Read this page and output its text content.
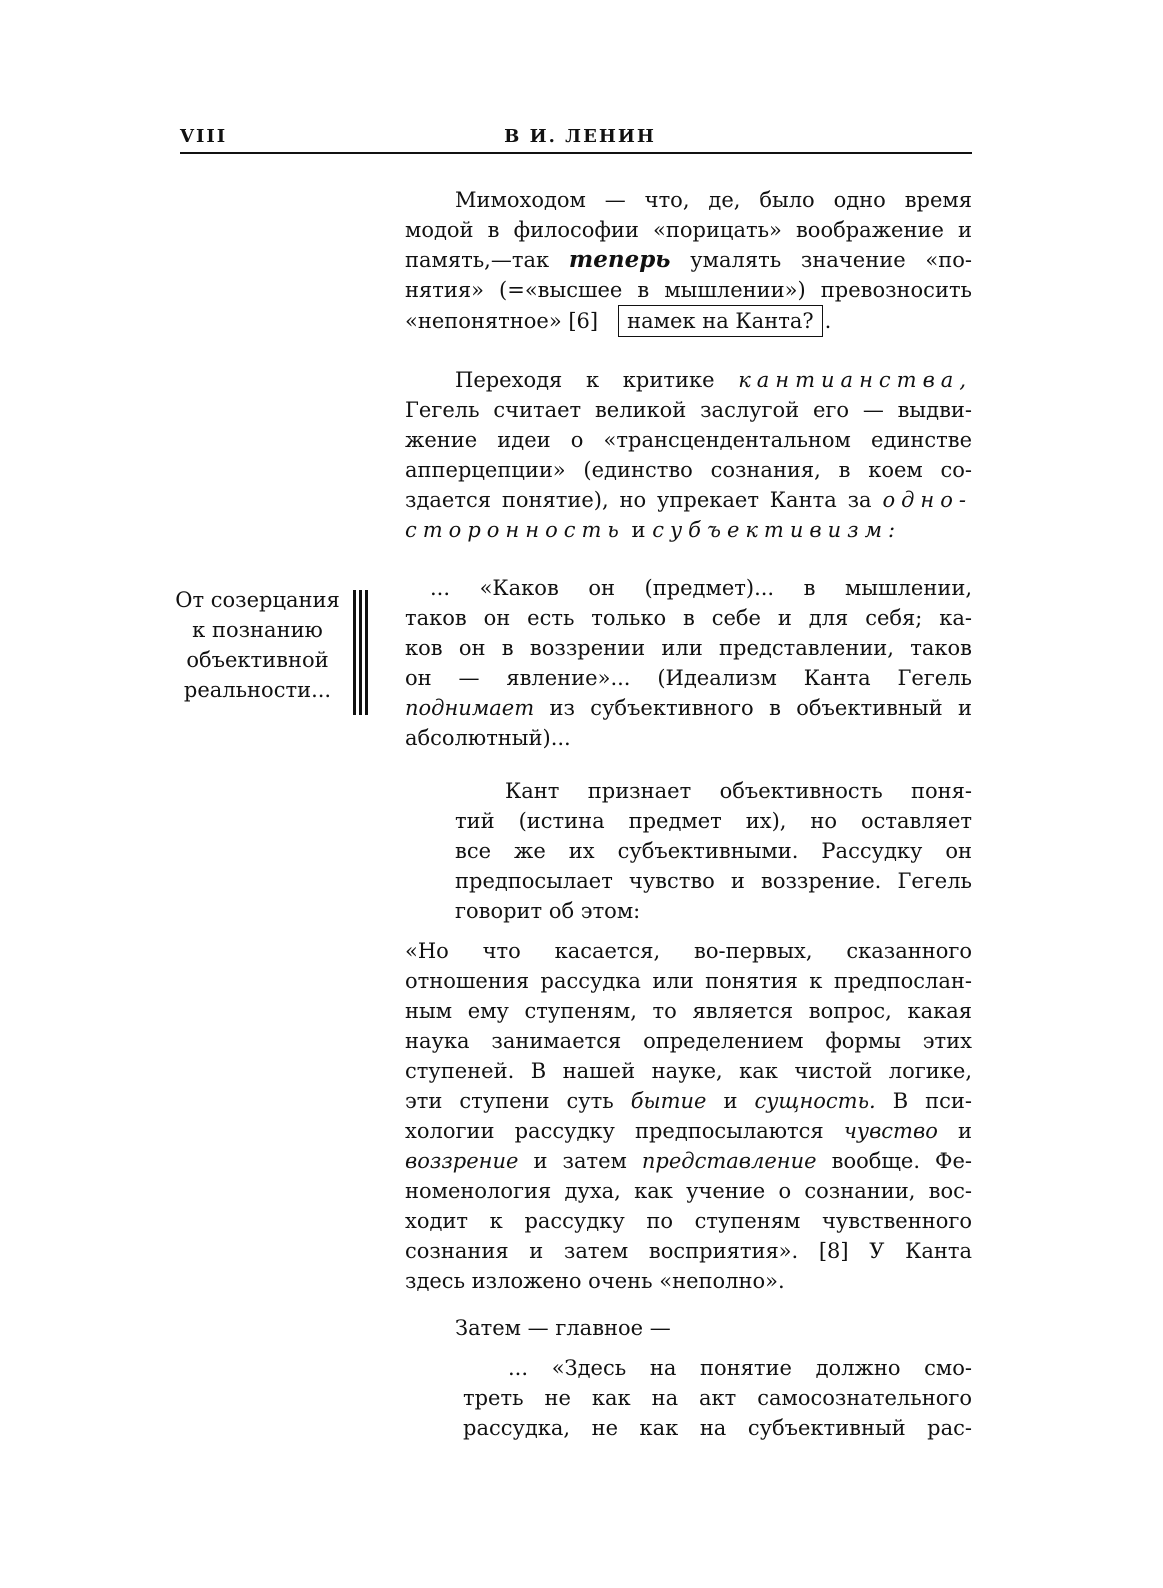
VIII	В И. ЛЕНИН

Мимоходом — что, де, было одно время

модой в философии «порицать» воображение и

память,—так теперь умалять значение «по-

нятия» (=«высшее в мышлении») превозносить

«непонятное» [6] намек на Канта? .

Переходя к критике кантианства,

Гегель считает великой заслугой его — выдви-

жение идеи о «трансцендентальном единстве

апперцепции» (единство сознания, в коем со-

здается понятие), но упрекает Канта за одно-

сторонность и субъективизм:

От созерцания
к познанию
объективной
реальности...

... «Каков он (предмет)... в мышлении,

таков он есть только в себе и для себя; ка-

ков он в воззрении или представлении, таков

он — явление»... (Идеализм Канта Гегель

поднимает из субъективного в объективный и

абсолютный)...

Кант признает объективность поня-

тий (истина предмет их), но оставляет

все же их субъективными. Рассудку он

предпосылает чувство и воззрение. Гегель

говорит об этом:

«Но что касается, во-первых, сказанного

отношения рассудка или понятия к предпослан-

ным ему ступеням, то является вопрос, какая

наука занимается определением формы этих

ступеней. В нашей науке, как чистой логике,

эти ступени суть бытие и сущность. В пси-

хологии рассудку предпосылаются чувство и

воззрение и затем представление вообще. Фе-

номенология духа, как учение о сознании, вос-

ходит к рассудку по ступеням чувственного

сознания и затем восприятия». [8] У Канта

здесь изложено очень «неполно».

Затем — главное —

... «Здесь на понятие должно смо-

треть не как на акт самосознательного

рассудка, не как на субъективный рас-
